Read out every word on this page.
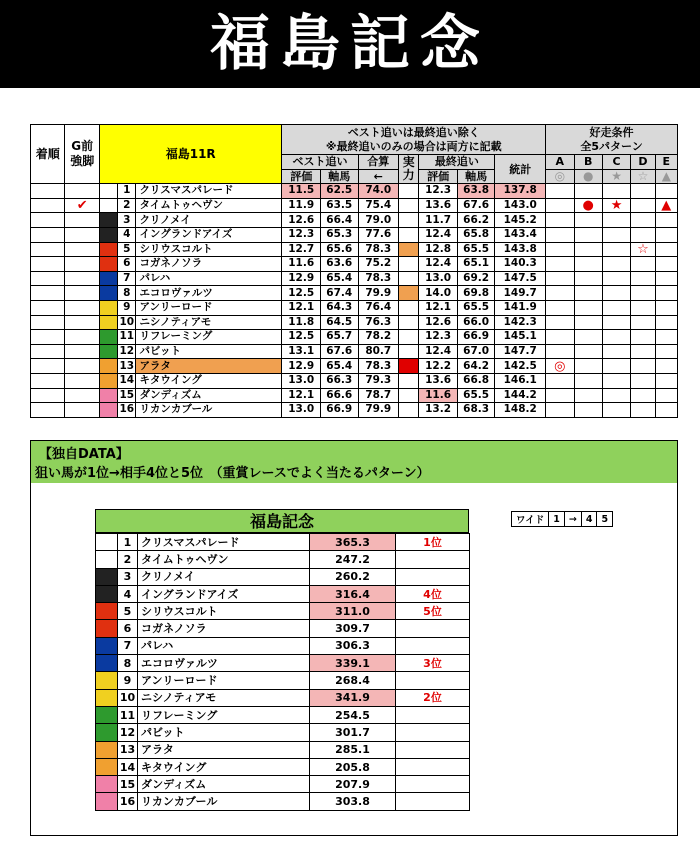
福島記念
着順	G前強脚	福島11R			ベスト追いは最終追い除く
※最終追いのみの場合は両方に記載							好走条件
全5パターン				
					ベスト追い		合算	実力	最終追い		統計	A	B	C	D	E
					評価	軸馬	←		評価	軸馬		◎	●	★	☆	▲
			1	クリスマスパレード	11.5	62.5	74.0		12.3	63.8	137.8					
	✔		2	タイムトゥヘヴン	11.9	63.5	75.4		13.6	67.6	143.0		●	★		▲
			3	クリノメイ	12.6	66.4	79.0		11.7	66.2	145.2					
			4	イングランドアイズ	12.3	65.3	77.6		12.4	65.8	143.4					
			5	シリウスコルト	12.7	65.6	78.3		12.8	65.5	143.8				☆	
			6	コガネノソラ	11.6	63.6	75.2		12.4	65.1	140.3					
			7	パレハ	12.9	65.4	78.3		13.0	69.2	147.5					
			8	エコロヴァルツ	12.5	67.4	79.9		14.0	69.8	149.7					
			9	アンリーロード	12.1	64.3	76.4		12.1	65.5	141.9					
			10	ニシノティアモ	11.8	64.5	76.3		12.6	66.0	142.3					
			11	リフレーミング	12.5	65.7	78.2		12.3	66.9	145.1					
			12	パビット	13.1	67.6	80.7		12.4	67.0	147.7					
			13	アラタ	12.9	65.4	78.3		12.2	64.2	142.5	◎				
			14	キタウイング	13.0	66.3	79.3		13.6	66.8	146.1					
			15	ダンディズム	12.1	66.6	78.7		11.6	65.5	144.2					
			16	リカンカブール	13.0	66.9	79.9		13.2	68.3	148.2					
【独自DATA】
狙い馬が1位→相手4位と5位　（重賞レースでよく当たるパターン）
ワイド	1	→	4	5
福島記念
	1	クリスマスパレード	365.3	1位
	2	タイムトゥヘヴン	247.2	
	3	クリノメイ	260.2	
	4	イングランドアイズ	316.4	4位
	5	シリウスコルト	311.0	5位
	6	コガネノソラ	309.7	
	7	パレハ	306.3	
	8	エコロヴァルツ	339.1	3位
	9	アンリーロード	268.4	
	10	ニシノティアモ	341.9	2位
	11	リフレーミング	254.5	
	12	パビット	301.7	
	13	アラタ	285.1	
	14	キタウイング	205.8	
	15	ダンディズム	207.9	
	16	リカンカブール	303.8	
